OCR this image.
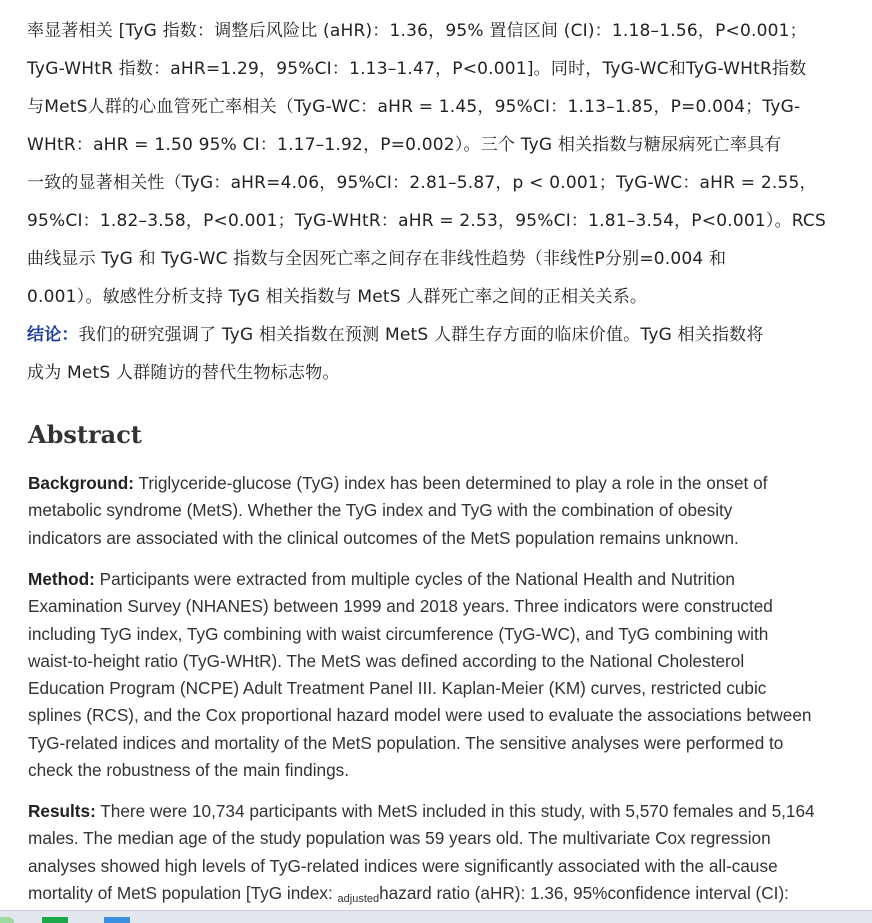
率显著相关 [TyG 指数：调整后风险比 (aHR)：1.36，95% 置信区间 (CI)：1.18–1.56，P<0.001；
TyG-WHtR 指数：aHR=1.29，95%CI：1.13–1.47，P<0.001]。同时，TyG-WC和TyG-WHtR指数
与MetS人群的心血管死亡率相关（TyG-WC：aHR = 1.45，95%CI：1.13–1.85，P=0.004；TyG-
WHtR：aHR = 1.50 95% CI：1.17–1.92，P=0.002）。三个 TyG 相关指数与糖尿病死亡率具有
一致的显著相关性（TyG：aHR=4.06，95%CI：2.81–5.87，p < 0.001；TyG-WC：aHR = 2.55，
95%CI：1.82–3.58，P<0.001；TyG-WHtR：aHR = 2.53，95%CI：1.81–3.54，P<0.001）。RCS
曲线显示 TyG 和 TyG-WC 指数与全因死亡率之间存在非线性趋势（非线性P分别=0.004 和
0.001）。敏感性分析支持 TyG 相关指数与 MetS 人群死亡率之间的正相关关系。
结论：我们的研究强调了 TyG 相关指数在预测 MetS 人群生存方面的临床价值。TyG 相关指数将
成为 MetS 人群随访的替代生物标志物。
Abstract

Background: Triglyceride-glucose (TyG) index has been determined to play a role in the onset of
metabolic syndrome (MetS). Whether the TyG index and TyG with the combination of obesity
indicators are associated with the clinical outcomes of the MetS population remains unknown.

Method: Participants were extracted from multiple cycles of the National Health and Nutrition
Examination Survey (NHANES) between 1999 and 2018 years. Three indicators were constructed
including TyG index, TyG combining with waist circumference (TyG-WC), and TyG combining with
waist-to-height ratio (TyG-WHtR). The MetS was defined according to the National Cholesterol
Education Program (NCPE) Adult Treatment Panel III. Kaplan-Meier (KM) curves, restricted cubic
splines (RCS), and the Cox proportional hazard model were used to evaluate the associations between
TyG-related indices and mortality of the MetS population. The sensitive analyses were performed to
check the robustness of the main findings.

Results: There were 10,734 participants with MetS included in this study, with 5,570 females and 5,164
males. The median age of the study population was 59 years old. The multivariate Cox regression
analyses showed high levels of TyG-related indices were significantly associated with the all-cause
mortality of MetS population [TyG index: $_{adjusted}$hazard ratio (aHR): 1.36, 95%confidence interval (CI):
